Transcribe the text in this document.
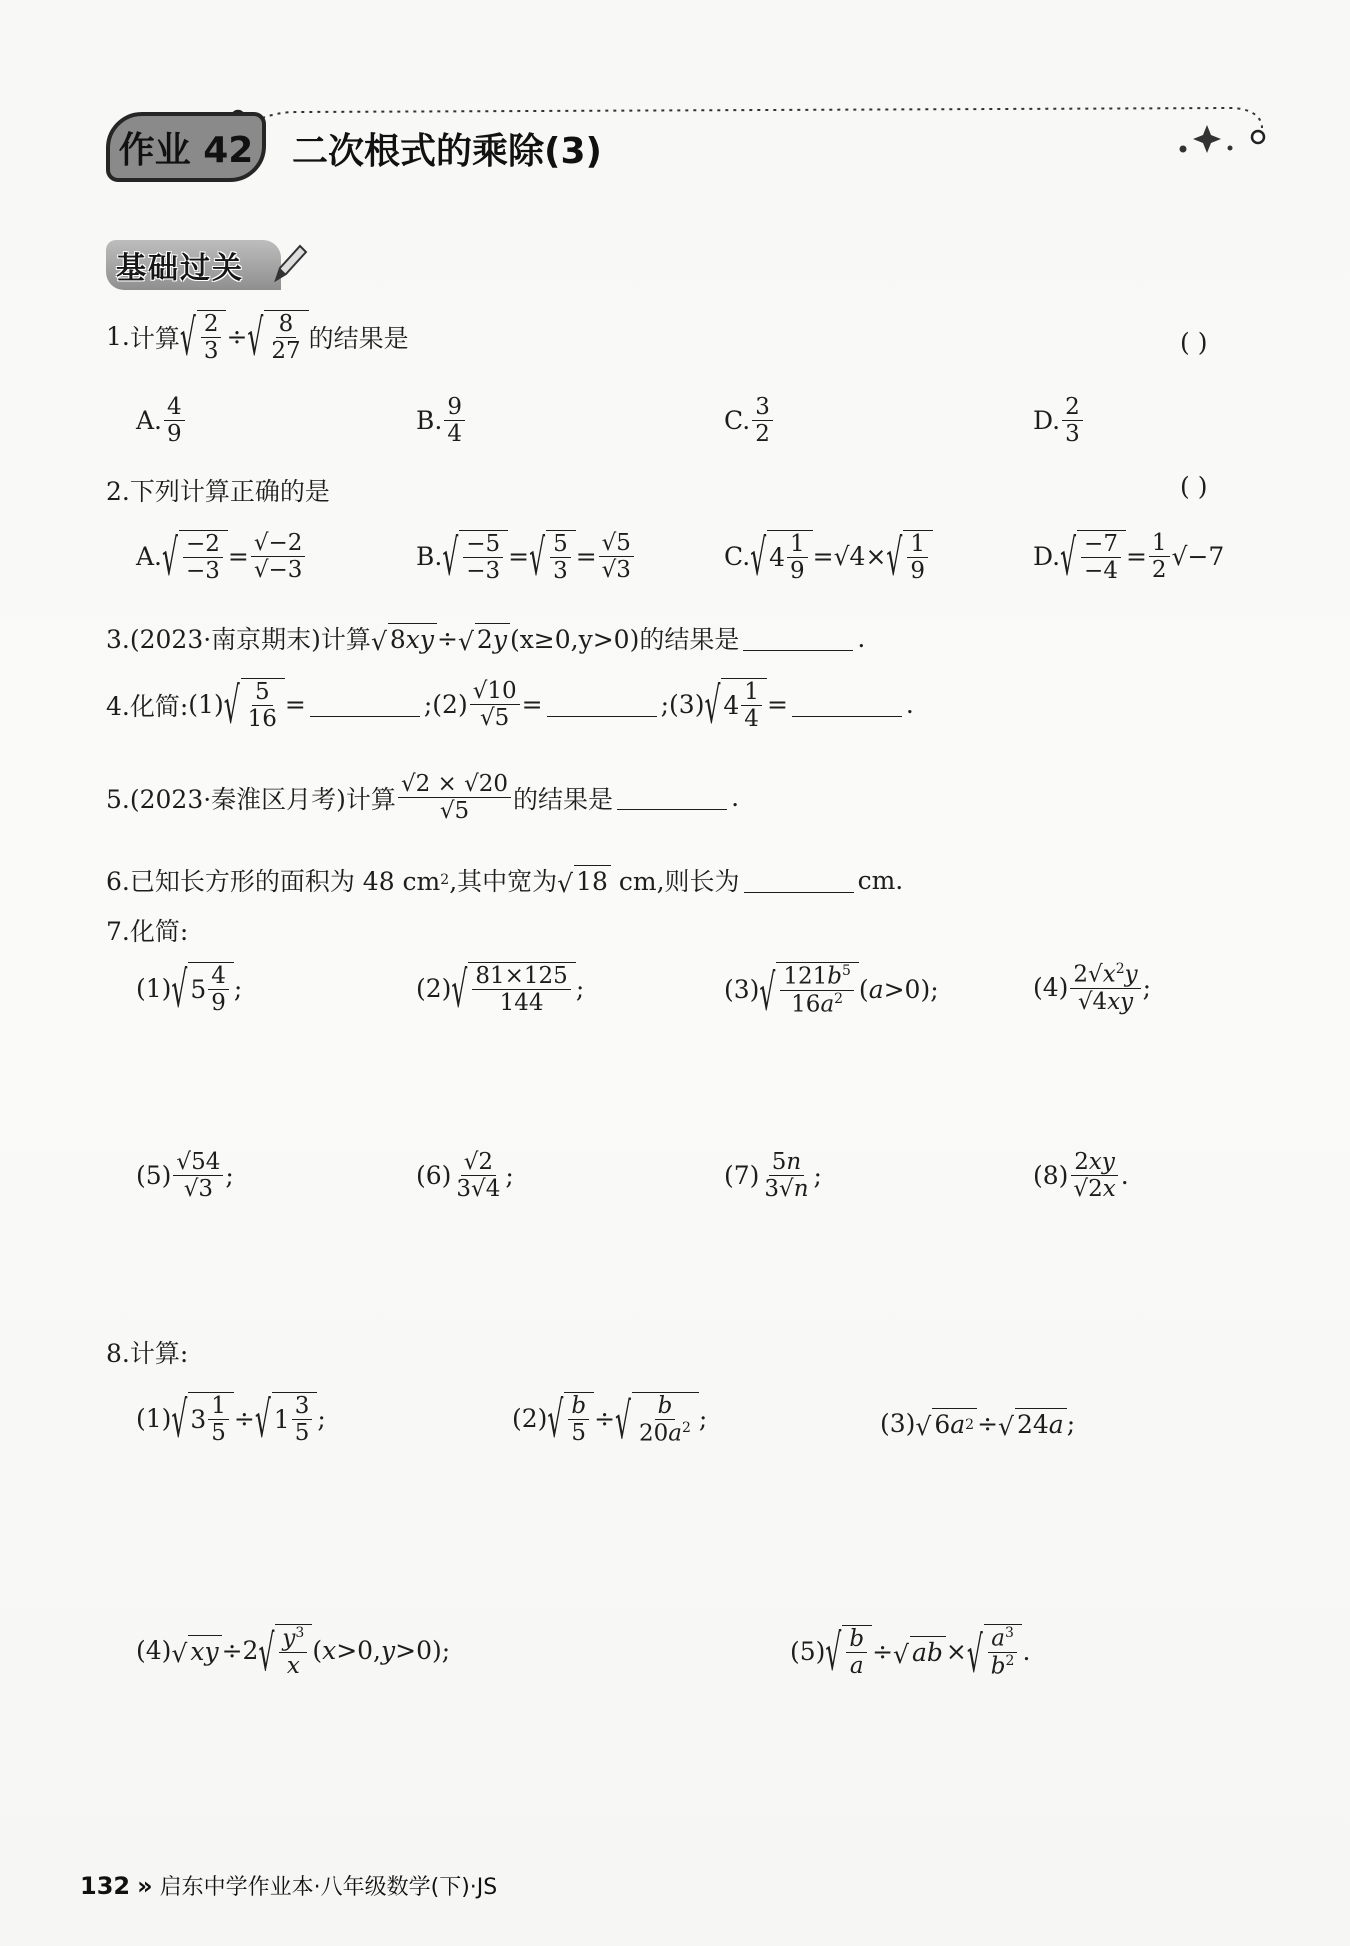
作业 42	二次根式的乘除(3)
基础过关
1. 计算 √ $\frac{2}{3}$ ÷ √ $\frac{8}{27}$ 的结果是	( )
A. $\frac{4}{9}$	B. $\frac{9}{4}$	C. $\frac{3}{2}$	D. $\frac{2}{3}$
2.下列计算正确的是	( )
A. √ $\frac{-2}{-3} = \frac{√-2}{√-3}$	B. √ $\frac{-5}{-3}$ = √ $\frac{5}{3} = \frac{√5}{√3}$	C. √ $4 \frac{1}{9} =√4\times$ √ $\frac{1}{9}$	D. √ $\frac{-7}{-4} = \frac{1}{2} √-7$
3.(2023·南京期末)计算 √ 8 xy ÷ √ 2 y (x≥0,y>0)的结果是	.
4.化简: (1) √ $\frac{5}{16}$ =	;(2) $\frac{√10}{√5}$ =	;(3) √ $4 \frac{1}{4}$ =	.
5.(2023·秦淮区月考)计算 $\frac{√2 \times √20}{√5}$ 的结果是	.
6.已知长方形的面积为 48 cm 2 ,其中宽为 √ 18 cm,则长为	cm.
7.化简:
(1) √ $5 \frac{4}{9}$ ;	(2) √ $\frac{81\times 125}{144}$ ;	(3) √ $\frac{121b^5}{16a^2}$ ( a >0);	$(4) \frac{2√x^2y}{√4xy}$ ;
$(5) \frac{√54}{√3}$ ;	$(6) \frac{√2}{3√4}$ ;	$(7) \frac{5n}{3√n}$ ;	$(8) \frac{2xy}{√2x}$ .
8.计算:
(1) √ $3 \frac{1}{5}$ ÷ √ $1 \frac{3}{5}$ ;	(2) √ $\frac{b}{5}$ ÷ √ $\frac{b}{20a^2}$ ;	(3) √ 6 a 2 ÷ √ 24 a ;
(4) √ xy ÷2 √ $\frac{y^3}{x}$ ( x >0, y >0);	(5) √ $\frac{b}{a}$ ÷ √ ab × √ $\frac{a^3}{b^2}$ .
132 » 启东中学作业本·八年级数学(下)·JS
